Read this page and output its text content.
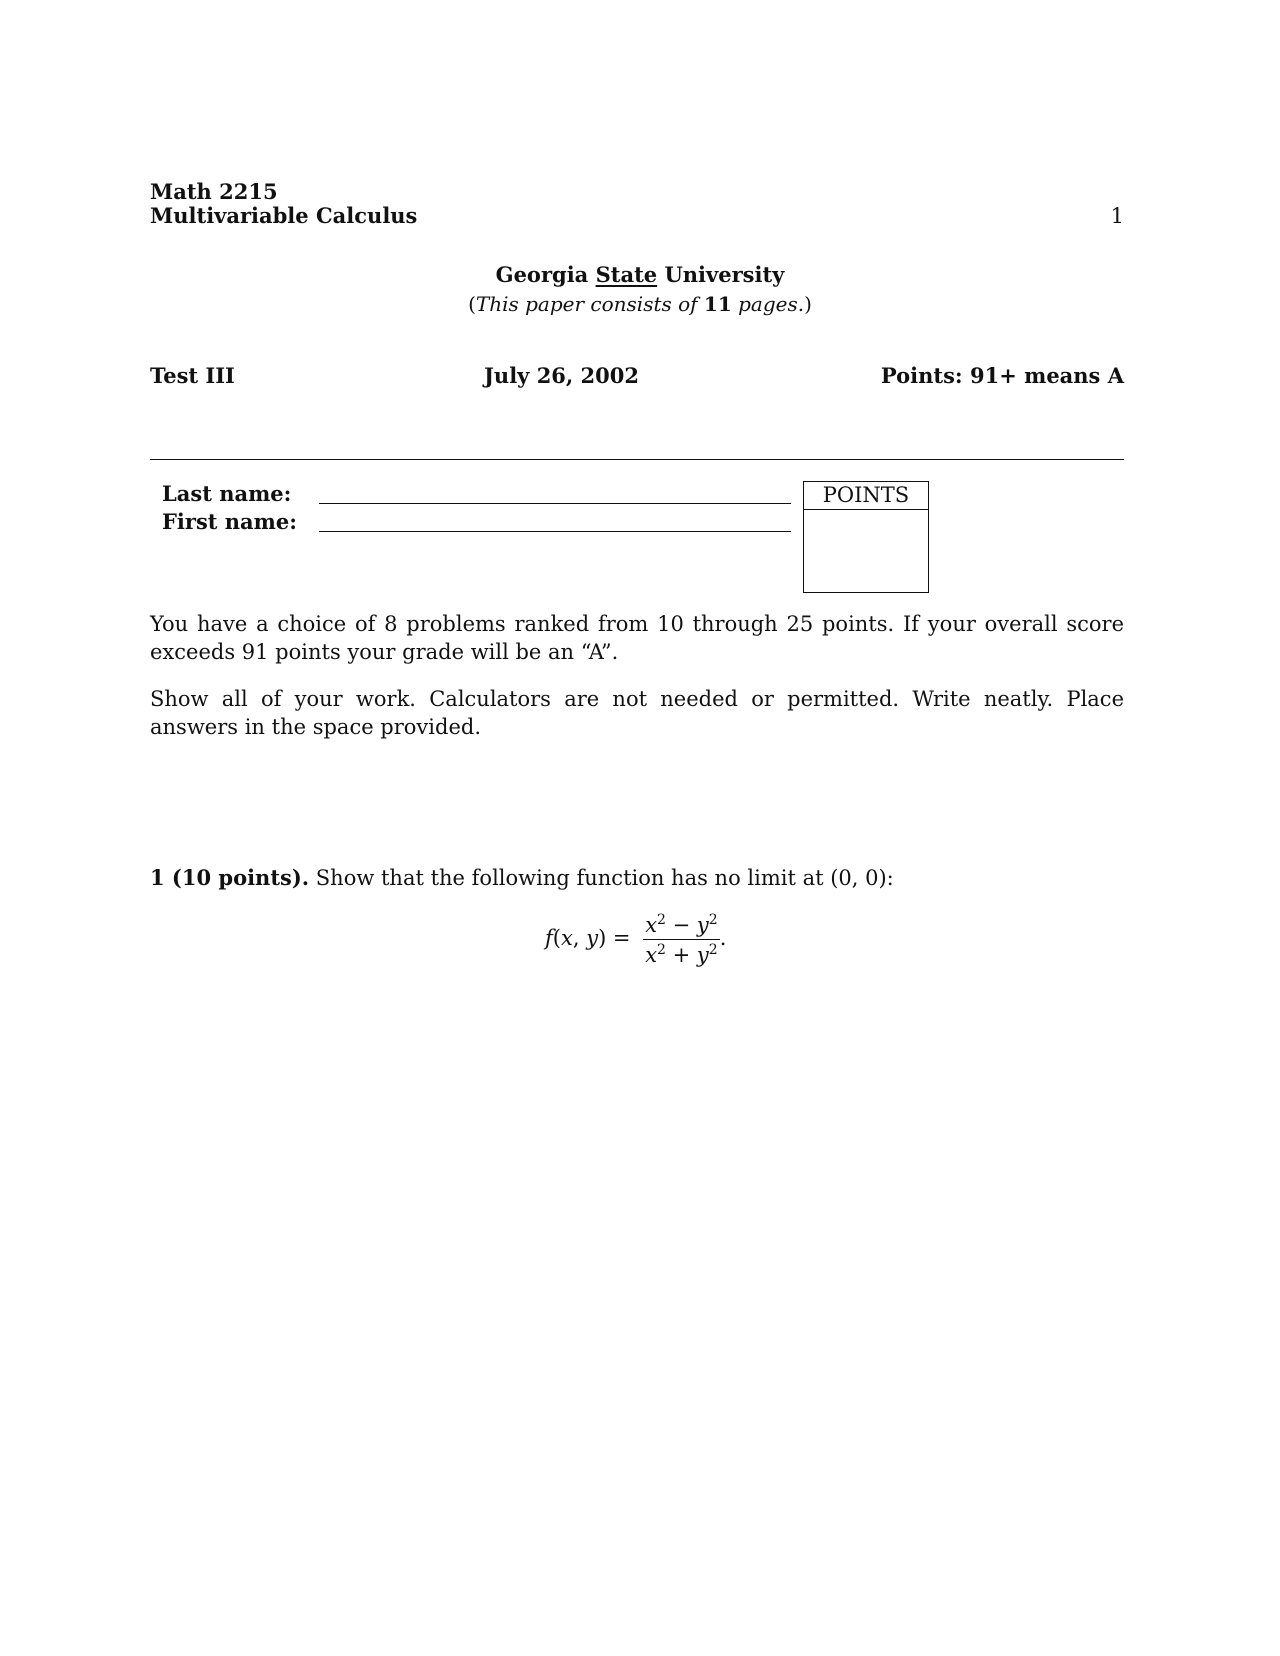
Math 2215
Multivariable Calculus	1
Georgia State University
(This paper consists of 11 pages.)
Test III	July 26, 2002	Points: 91+ means A
Last name:
First name:
POINTS
You have a choice of 8 problems ranked from 10 through 25 points. If your overall score exceeds 91 points your grade will be an “A”.
Show all of your work. Calculators are not needed or permitted. Write neatly. Place answers in the space provided.
1 (10 points). Show that the following function has no limit at (0, 0):
f(x, $y) = \frac{x^2 - y^2}{x^2 + y^2}$ .
